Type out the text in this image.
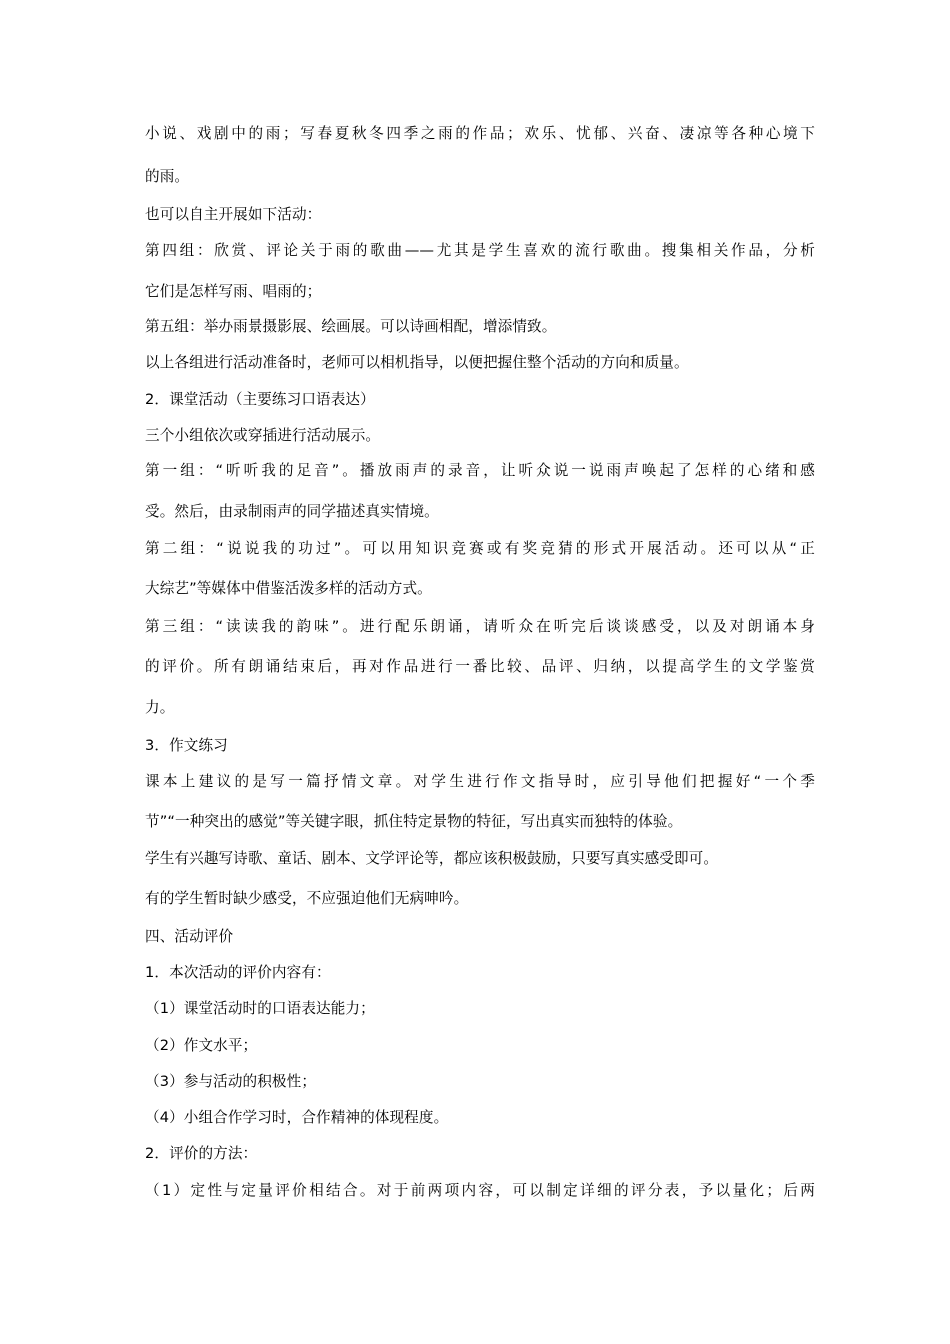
小说、戏剧中的雨；写春夏秋冬四季之雨的作品；欢乐、忧郁、兴奋、凄凉等各种心境下
的雨。
也可以自主开展如下活动：
第四组：欣赏、评论关于雨的歌曲——尤其是学生喜欢的流行歌曲。搜集相关作品，分析
它们是怎样写雨、唱雨的；
第五组：举办雨景摄影展、绘画展。可以诗画相配，增添情致。
以上各组进行活动准备时，老师可以相机指导，以便把握住整个活动的方向和质量。
2．课堂活动（主要练习口语表达）
三个小组依次或穿插进行活动展示。
第一组：“听听我的足音”。播放雨声的录音，让听众说一说雨声唤起了怎样的心绪和感
受。然后，由录制雨声的同学描述真实情境。
第二组：“说说我的功过”。可以用知识竞赛或有奖竞猜的形式开展活动。还可以从“正
大综艺”等媒体中借鉴活泼多样的活动方式。
第三组：“读读我的韵味”。进行配乐朗诵，请听众在听完后谈谈感受，以及对朗诵本身
的评价。所有朗诵结束后，再对作品进行一番比较、品评、归纳，以提高学生的文学鉴赏
力。
3．作文练习
课本上建议的是写一篇抒情文章。对学生进行作文指导时，应引导他们把握好“一个季
节”“一种突出的感觉”等关键字眼，抓住特定景物的特征，写出真实而独特的体验。
学生有兴趣写诗歌、童话、剧本、文学评论等，都应该积极鼓励，只要写真实感受即可。
有的学生暂时缺少感受，不应强迫他们无病呻吟。
四、活动评价
1．本次活动的评价内容有：
（1）课堂活动时的口语表达能力；
（2）作文水平；
（3）参与活动的积极性；
（4）小组合作学习时，合作精神的体现程度。
2．评价的方法：
（1）定性与定量评价相结合。对于前两项内容，可以制定详细的评分表，予以量化；后两
